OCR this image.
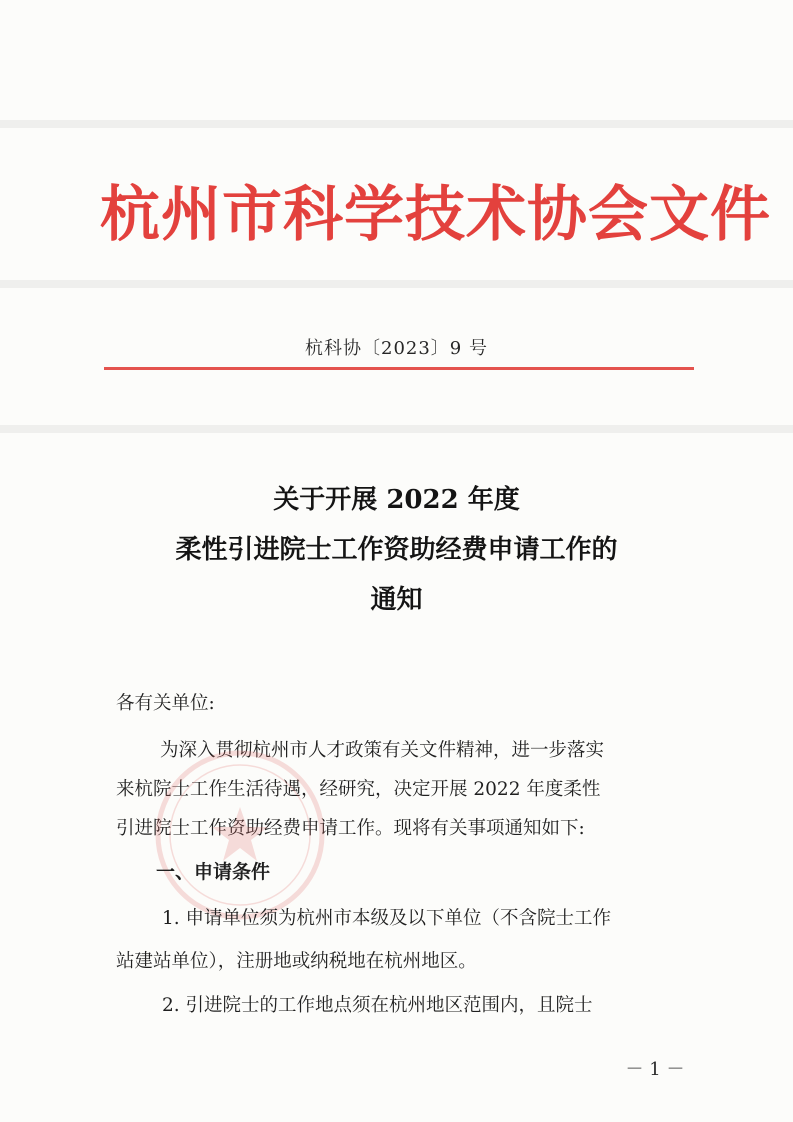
杭州市科学技术协会文件
杭科协〔2023〕9 号
关于开展 2022 年度
柔性引进院士工作资助经费申请工作的
通知
各有关单位:
为深入贯彻杭州市人才政策有关文件精神，进一步落实
来杭院士工作生活待遇，经研究，决定开展 2022 年度柔性
引进院士工作资助经费申请工作。现将有关事项通知如下:
一、申请条件
1. 申请单位须为杭州市本级及以下单位（不含院士工作
站建站单位），注册地或纳税地在杭州地区。
2. 引进院士的工作地点须在杭州地区范围内，且院士
－ 1 －
